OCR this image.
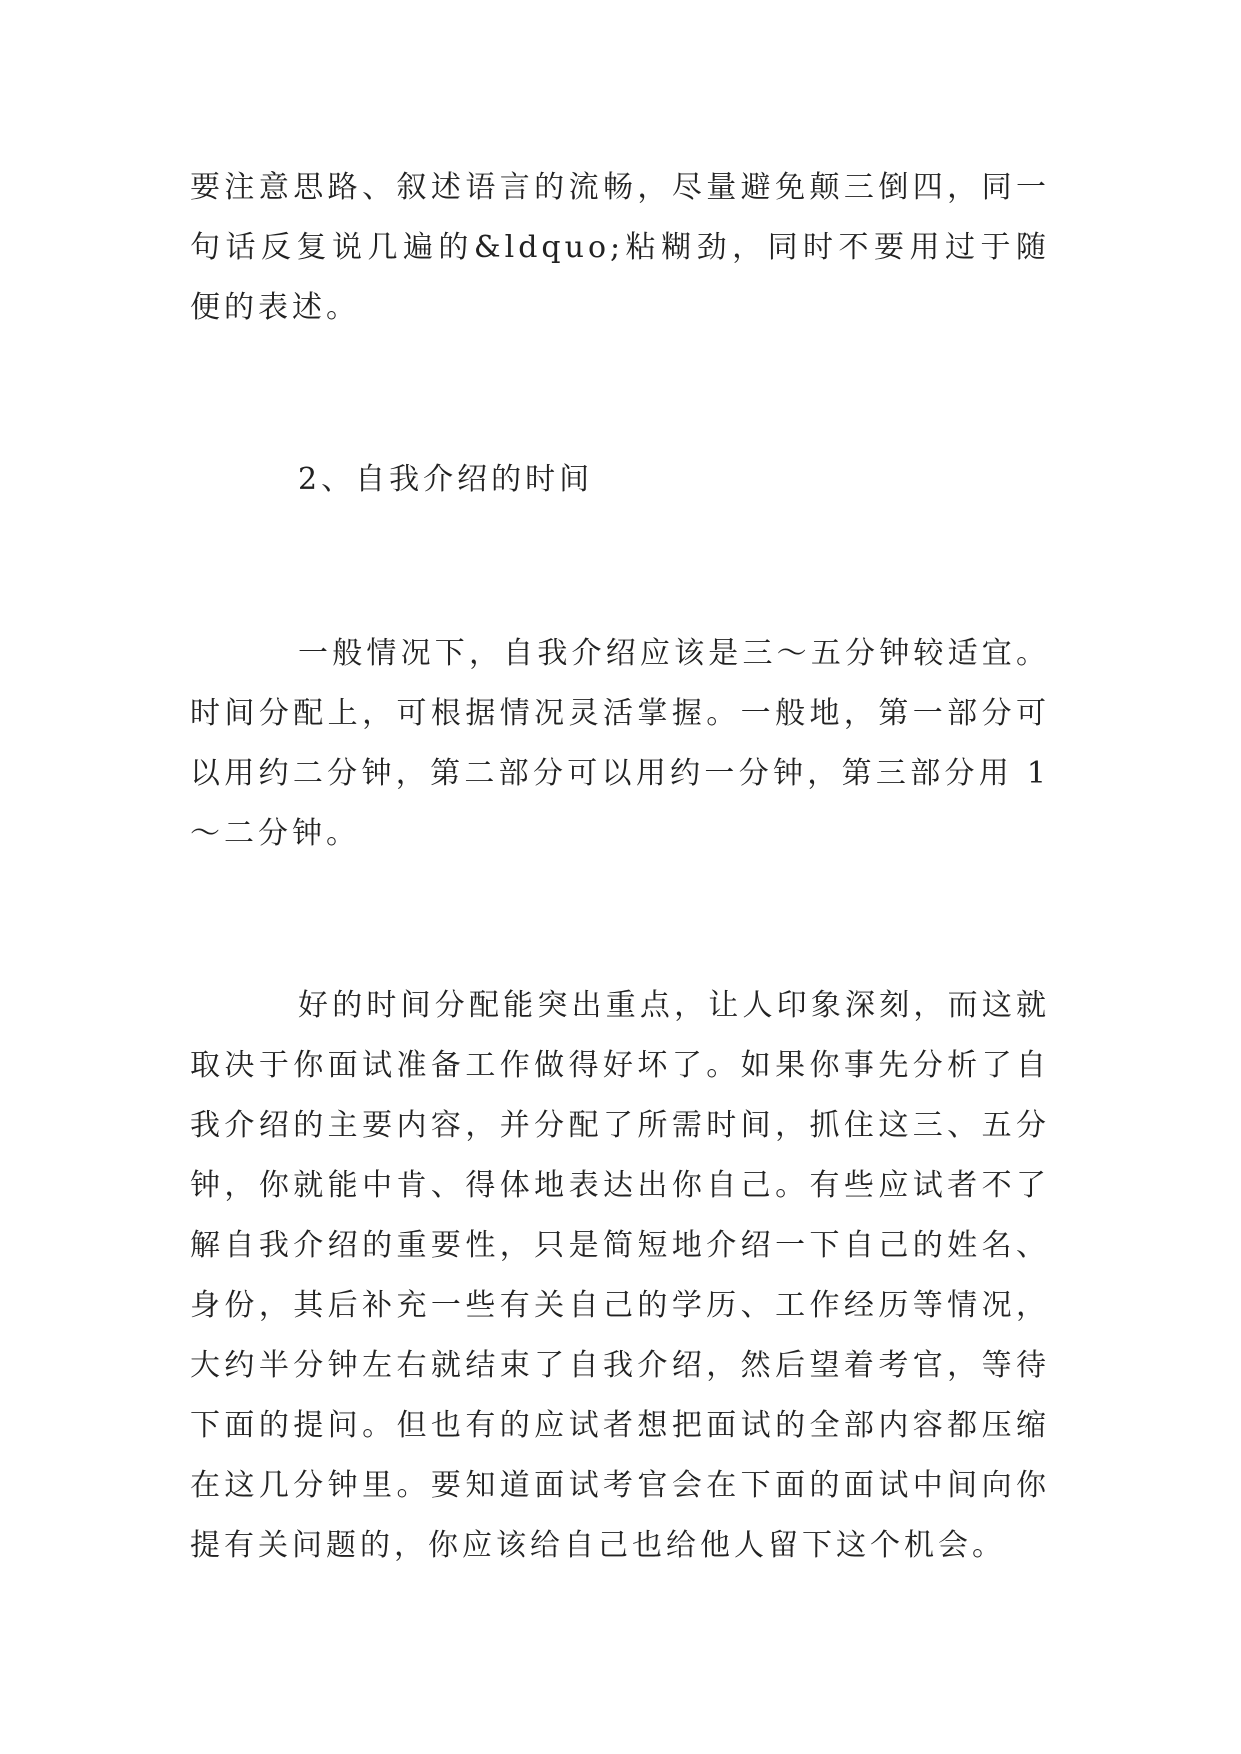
要注意思路、叙述语言的流畅，尽量避免颠三倒四，同一句话反复说几遍的&ldquo;粘糊劲，同时不要用过于随便的表述。

2、自我介绍的时间

一般情况下，自我介绍应该是三～五分钟较适宜。时间分配上，可根据情况灵活掌握。一般地，第一部分可以用约二分钟，第二部分可以用约一分钟，第三部分用 1～二分钟。

好的时间分配能突出重点，让人印象深刻，而这就取决于你面试准备工作做得好坏了。如果你事先分析了自我介绍的主要内容，并分配了所需时间，抓住这三、五分钟，你就能中肯、得体地表达出你自己。有些应试者不了解自我介绍的重要性，只是简短地介绍一下自己的姓名、身份，其后补充一些有关自己的学历、工作经历等情况，大约半分钟左右就结束了自我介绍，然后望着考官，等待下面的提问。但也有的应试者想把面试的全部内容都压缩在这几分钟里。要知道面试考官会在下面的面试中间向你提有关问题的，你应该给自己也给他人留下这个机会。
